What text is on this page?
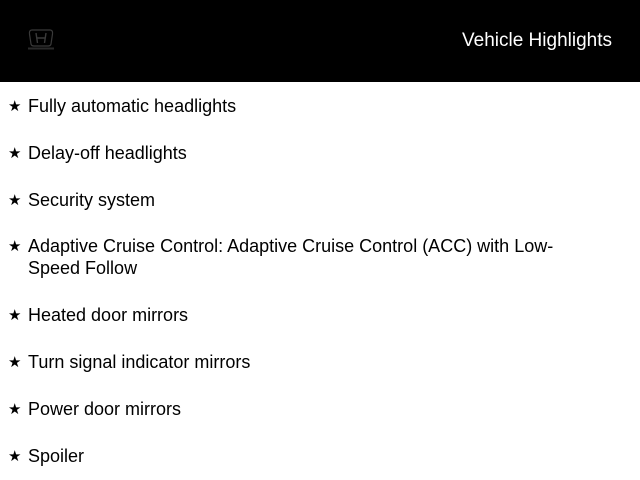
Vehicle Highlights
★ Fully automatic headlights
★ Delay-off headlights
★ Security system
★ Adaptive Cruise Control: Adaptive Cruise Control (ACC) with Low-Speed Follow
★ Heated door mirrors
★ Turn signal indicator mirrors
★ Power door mirrors
★ Spoiler
